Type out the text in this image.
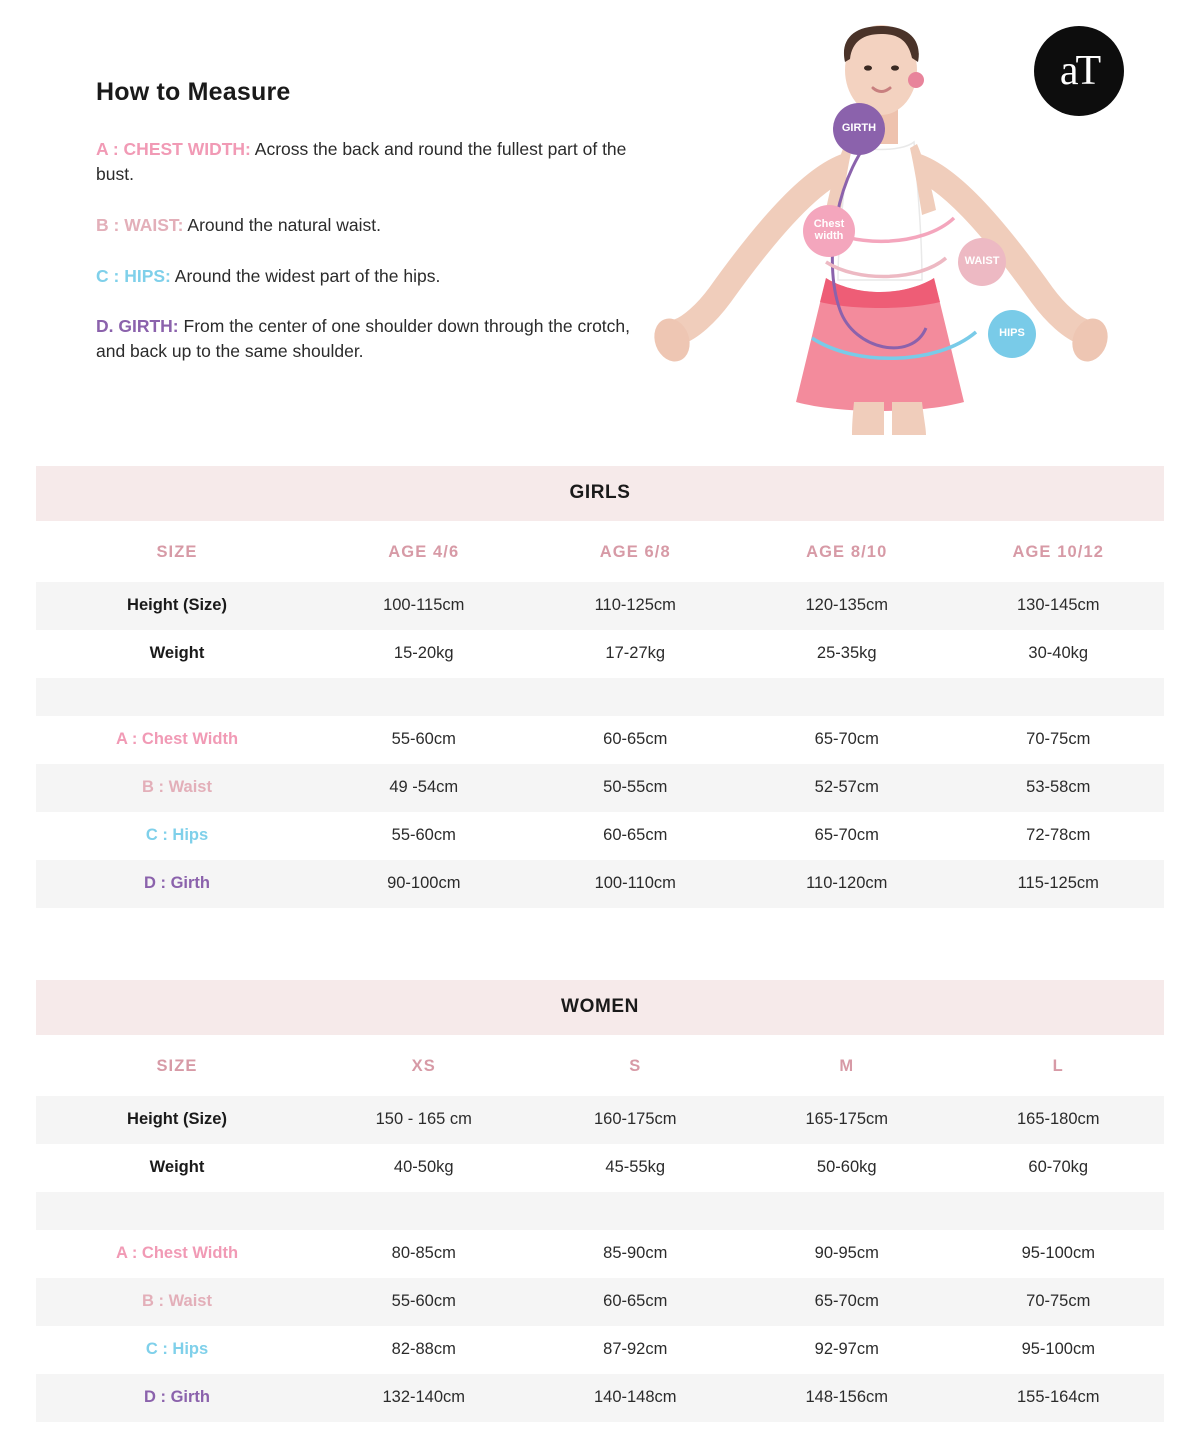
aT
How to Measure

A : CHEST WIDTH: Across the back and round the fullest part of the bust.

B : WAIST: Around the natural waist.

C : HIPS: Around the widest part of the hips.

D. GIRTH: From the center of one shoulder down through the crotch, and back up to the same shoulder.

GIRTH
Chest
width
WAIST
HIPS
GIRLS				
SIZE	AGE 4/6	AGE 6/8	AGE 8/10	AGE 10/12
Height (Size)	100-115cm	110-125cm	120-135cm	130-145cm
Weight	15-20kg	17-27kg	25-35kg	30-40kg

A : Chest Width	55-60cm	60-65cm	65-70cm	70-75cm
B : Waist	49 -54cm	50-55cm	52-57cm	53-58cm
C : Hips	55-60cm	60-65cm	65-70cm	72-78cm
D : Girth	90-100cm	100-110cm	110-120cm	115-125cm
WOMEN				
SIZE	XS	S	M	L
Height (Size)	150 - 165 cm	160-175cm	165-175cm	165-180cm
Weight	40-50kg	45-55kg	50-60kg	60-70kg

A : Chest Width	80-85cm	85-90cm	90-95cm	95-100cm
B : Waist	55-60cm	60-65cm	65-70cm	70-75cm
C : Hips	82-88cm	87-92cm	92-97cm	95-100cm
D : Girth	132-140cm	140-148cm	148-156cm	155-164cm
